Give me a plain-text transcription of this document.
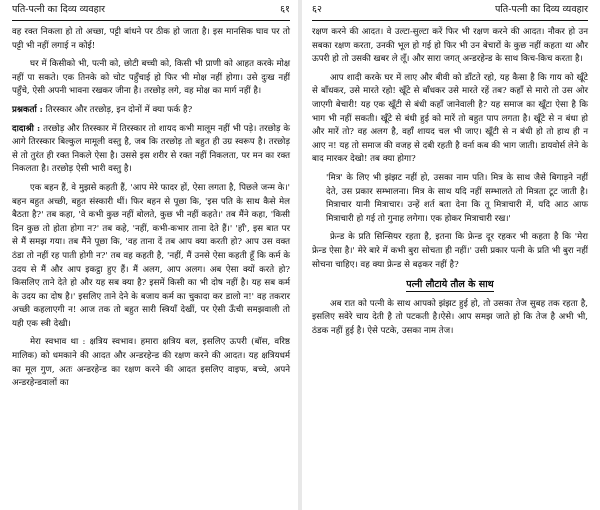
पति-पत्नी का दिव्य व्यवहार	६१

वह रक्त निकला हो तो अच्छा, पट्टी बांधने पर ठीक हो जाता है। इस मानसिक घाव पर तो पट्टी भी नहीं लगाई न कोई!

घर में किसीको भी, पत्नी को, छोटी बच्ची को, किसी भी प्राणी को आहत करके मोक्ष नहीं पा सकते। एक तिनके को चोट पहुँचाई हो फिर भी मोक्ष नहीं होगा। उसे दुःख नहीं पहुँचे, ऐसी अपनी भावना रखकर जीना है। तरछोड़ लगे, वह मोक्ष का मार्ग नहीं है।

प्रश्नकर्ता : तिरस्कार और तरछोड़, इन दोनों में क्या फर्क है?

दादाश्री : तरछोड़ और तिरस्कार में तिरस्कार तो शायद कभी मालूम नहीं भी पड़े। तरछोड़ के आगे तिरस्कार बिल्कुल मामूली वस्तु है, जब कि तरछोड़ तो बहुत ही उग्र स्वरूप है। तरछोड़ से तो तुरंत ही रक्त निकले ऐसा है। उससे इस शरीर से रक्त नहीं निकलता, पर मन का रक्त निकलता है। तरछोड़ ऐसी भारी वस्तु है।

एक बहन हैं, वे मुझसे कहती हैं, 'आप मेरे फादर हों, ऐसा लगता है, पिछले जन्म के।' बहन बहुत अच्छी, बहुत संस्कारी थीं। फिर बहन से पूछा कि, 'इस पति के साथ कैसे मेल बैठता है?' तब कहा, 'वे कभी कुछ नहीं बोलते, कुछ भी नहीं कहते।' तब मैंने कहा, 'किसी दिन कुछ तो होता होगा न?' तब कहे, 'नहीं, कभी-कभार ताना देते हैं।' 'हाँ', इस बात पर से मैं समझ गया। तब मैंने पूछा कि, 'वह ताना दें तब आप क्या करती हो? आप उस वक्त ठंडा तो नहीं रह पाती होगी न?' तब वह कहती है, 'नहीं, मैं उनसे ऐसा कहती हूँ कि कर्म के उदय से मैं और आप इकट्ठा हुए हैं। मैं अलग, आप अलग। अब ऐसा क्यों करते हो? किसलिए ताने देते हो और यह सब क्या है? इसमें किसी का भी दोष नहीं है। यह सब कर्म के उदय का दोष है।' इसलिए ताने देने के बजाय कर्म का चुकादा कर डालो न!' वह तकरार अच्छी कहलाएगी न! आज तक तो बहुत सारी स्त्रियाँ देखीं, पर ऐसी ऊँची समझवाली तो यही एक स्त्री देखी।

मेरा स्वभाव था : क्षत्रिय स्वभाव। हमारा क्षत्रिय बल, इसलिए ऊपरी (बॉस, वरिष्ठ मालिक) को धमकाने की आदत और अन्डरहेन्ड की रक्षण करने की आदत। यह क्षत्रियधर्म का मूल गुण, अतः अन्डरहेन्ड का रक्षण करने की आदत इसलिए वाइफ, बच्चे, अपने अन्डरहेन्डवालों का

६२	पति-पत्नी का दिव्य व्यवहार

रक्षण करने की आदत। वे उल्टा-सुल्टा करें फिर भी रक्षण करने की आदत। नौकर हो उन सबका रक्षण करता, उनकी भूल हो गई हो फिर भी उन बेचारों के कुछ नहीं कहता था और ऊपरी हो तो उसकी खबर ले लूँ। और सारा जगत् अन्डरहेन्ड के साथ किच-किच करता है।

आप शादी करके घर में लाए और बीवी को डाँटते रहो, यह कैसा है कि गाय को खूँटे से बाँधकर, उसे मारते रहो! खूँटे से बाँधकर उसे मारते रहें तब? कहाँ से मारो तो उस ओर जाएगी बेचारी! यह एक खूँटी से बंधी कहाँ जानेवाली है? यह समाज का खूँटा ऐसा है कि भाग भी नहीं सकती। खूँटे से बंधी हुई को मारें तो बहुत पाप लगता है। खूँटे से न बंधा हो और मारें तो? वह अलग है, वहाँ शायद चल भी जाए। खूँटी से न बंधी हो तो हाथ ही न आए न! यह तो समाज की वजह से दबी रहती है वर्ना कब की भाग जाती। डायवोर्स लेने के बाद मारकर देखो! तब क्या होगा?

'मित्र' के लिए भी झंझट नहीं हो, उसका नाम पति। मित्र के साथ जैसे बिगाड़ने नहीं देते, उस प्रकार सम्भालना। मित्र के साथ यदि नहीं सम्भालते तो मित्रता टूट जाती है। मित्राचार यानी मित्राचार। उन्हें शर्त बता देना कि तू मित्राचारी में, यदि आठ आफ मित्राचारी हो गई तो गुनाह लगेगा। एक होकर मित्राचारी रख।'

फ्रेन्ड के प्रति सिन्सियर रहता है, इतना कि फ्रेन्ड दूर रहकर भी कहता है कि 'मेरा फ्रेन्ड ऐसा है।' मेरे बारे में कभी बुरा सोचता ही नहीं।' उसी प्रकार पत्नी के प्रति भी बुरा नहीं सोचना चाहिए। वह क्या फ्रेन्ड से बढ़कर नहीं है?

पत्नी लौटाये तौल के साथ

अब रात को पत्नी के साथ आपको झंझट हुई हो, तो उसका तेज सुबह तक रहता है, इसलिए सवेरे चाय देती है तो पटकती है।ऐसे। आप समझ जाते हो कि तेज है अभी भी, ठंडक नहीं हुई है। ऐसे पटके, उसका नाम तेज।
